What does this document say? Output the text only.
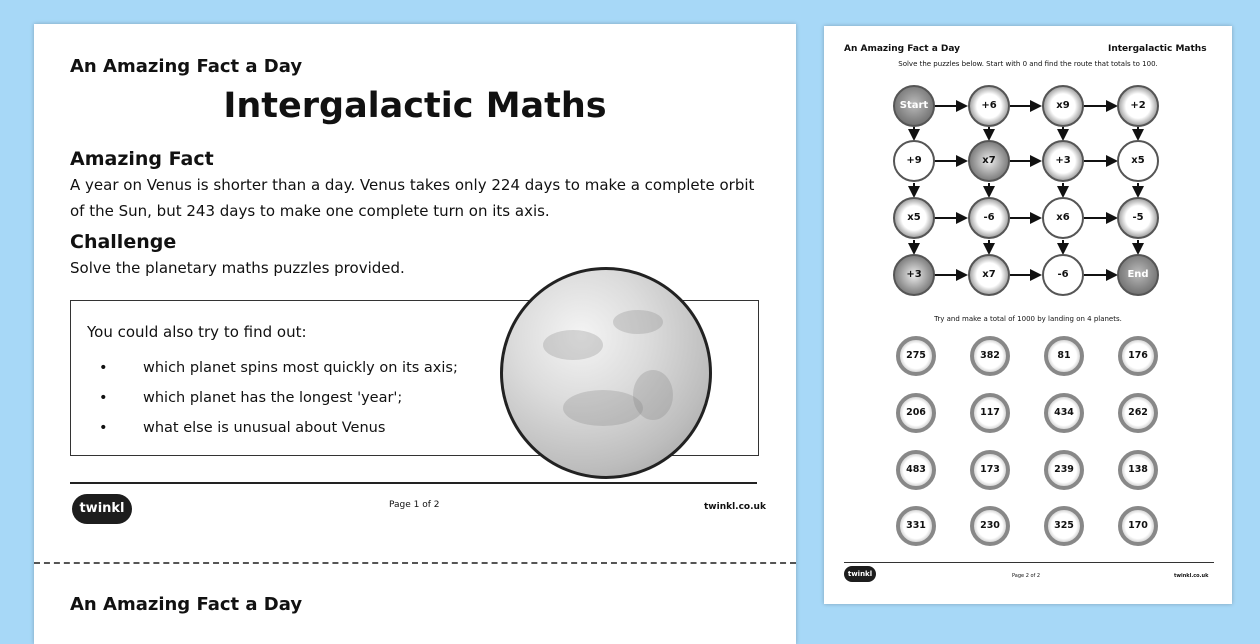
An Amazing Fact a Day
Intergalactic Maths
Amazing Fact
A year on Venus is shorter than a day. Venus takes only 224 days to make a complete orbit of the Sun, but 243 days to make one complete turn on its axis.
Challenge
Solve the planetary maths puzzles provided.
You could also try to find out:
• which planet spins most quickly on its axis;
• which planet has the longest 'year';
• what else is unusual about Venus
twinkl	Page 1 of 2	twinkl.co.uk
An Amazing Fact a Day
An Amazing Fact a Day	Intergalactic Maths
Solve the puzzles below. Start with 0 and find the route that totals to 100.
Start	+6	x9	+2
+9	x7	+3	x5
x5	-6	x6	-5
+3	x7	-6	End
Try and make a total of 1000 by landing on 4 planets.
275	382	81	176
206	117	434	262
483	173	239	138
331	230	325	170
twinkl	Page 2 of 2	twinkl.co.uk
